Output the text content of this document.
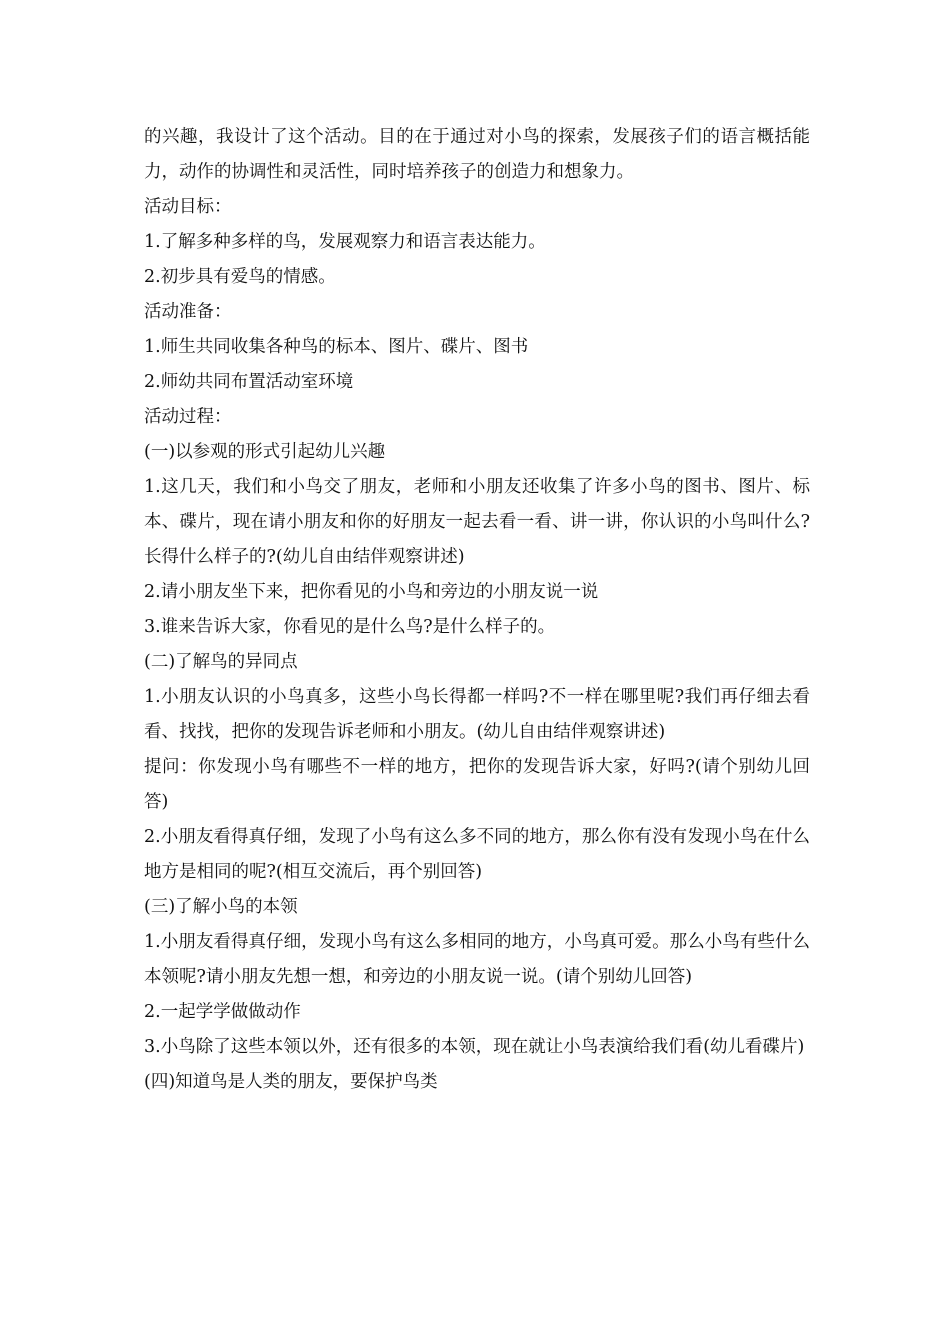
的兴趣，我设计了这个活动。目的在于通过对小鸟的探索，发展孩子们的语言概括能力，动作的协调性和灵活性，同时培养孩子的创造力和想象力。

活动目标：

1.了解多种多样的鸟，发展观察力和语言表达能力。

2.初步具有爱鸟的情感。

活动准备：

1.师生共同收集各种鸟的标本、图片、碟片、图书

2.师幼共同布置活动室环境

活动过程：

(一)以参观的形式引起幼儿兴趣

1.这几天，我们和小鸟交了朋友，老师和小朋友还收集了许多小鸟的图书、图片、标本、碟片，现在请小朋友和你的好朋友一起去看一看、讲一讲，你认识的小鸟叫什么?长得什么样子的?(幼儿自由结伴观察讲述)

2.请小朋友坐下来，把你看见的小鸟和旁边的小朋友说一说

3.谁来告诉大家，你看见的是什么鸟?是什么样子的。

(二)了解鸟的异同点

1.小朋友认识的小鸟真多，这些小鸟长得都一样吗?不一样在哪里呢?我们再仔细去看看、找找，把你的发现告诉老师和小朋友。(幼儿自由结伴观察讲述)

提问：你发现小鸟有哪些不一样的地方，把你的发现告诉大家，好吗?(请个别幼儿回答)

2.小朋友看得真仔细，发现了小鸟有这么多不同的地方，那么你有没有发现小鸟在什么地方是相同的呢?(相互交流后，再个别回答)

(三)了解小鸟的本领

1.小朋友看得真仔细，发现小鸟有这么多相同的地方，小鸟真可爱。那么小鸟有些什么本领呢?请小朋友先想一想，和旁边的小朋友说一说。(请个别幼儿回答)

2.一起学学做做动作

3.小鸟除了这些本领以外，还有很多的本领，现在就让小鸟表演给我们看(幼儿看碟片)

(四)知道鸟是人类的朋友，要保护鸟类
